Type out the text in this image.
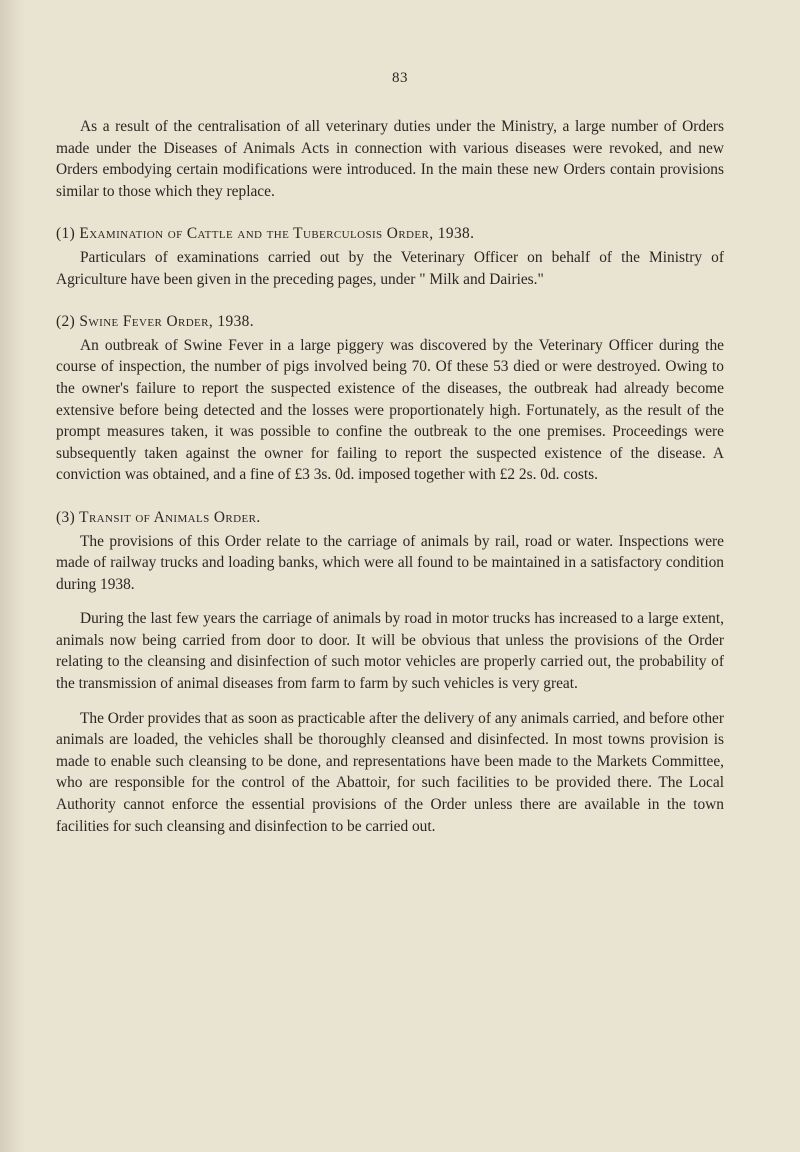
83

As a result of the centralisation of all veterinary duties under the Ministry, a large number of Orders made under the Diseases of Animals Acts in connection with various diseases were revoked, and new Orders embodying certain modifications were introduced. In the main these new Orders contain provisions similar to those which they replace.

(1) Examination of Cattle and the Tuberculosis Order, 1938.

Particulars of examinations carried out by the Veterinary Officer on behalf of the Ministry of Agriculture have been given in the preceding pages, under " Milk and Dairies."

(2) Swine Fever Order, 1938.

An outbreak of Swine Fever in a large piggery was discovered by the Veterinary Officer during the course of inspection, the number of pigs involved being 70. Of these 53 died or were destroyed. Owing to the owner's failure to report the suspected existence of the diseases, the outbreak had already become extensive before being detected and the losses were proportionately high. Fortunately, as the result of the prompt measures taken, it was possible to confine the outbreak to the one premises. Proceedings were subsequently taken against the owner for failing to report the suspected existence of the disease. A conviction was obtained, and a fine of £3 3s. 0d. imposed together with £2 2s. 0d. costs.

(3) Transit of Animals Order.

The provisions of this Order relate to the carriage of animals by rail, road or water. Inspections were made of railway trucks and loading banks, which were all found to be maintained in a satisfactory condition during 1938.

During the last few years the carriage of animals by road in motor trucks has increased to a large extent, animals now being carried from door to door. It will be obvious that unless the provisions of the Order relating to the cleansing and disinfection of such motor vehicles are properly carried out, the probability of the transmission of animal diseases from farm to farm by such vehicles is very great.

The Order provides that as soon as practicable after the delivery of any animals carried, and before other animals are loaded, the vehicles shall be thoroughly cleansed and disinfected. In most towns provision is made to enable such cleansing to be done, and representations have been made to the Markets Committee, who are responsible for the control of the Abattoir, for such facilities to be provided there. The Local Authority cannot enforce the essential provisions of the Order unless there are available in the town facilities for such cleansing and disinfection to be carried out.
